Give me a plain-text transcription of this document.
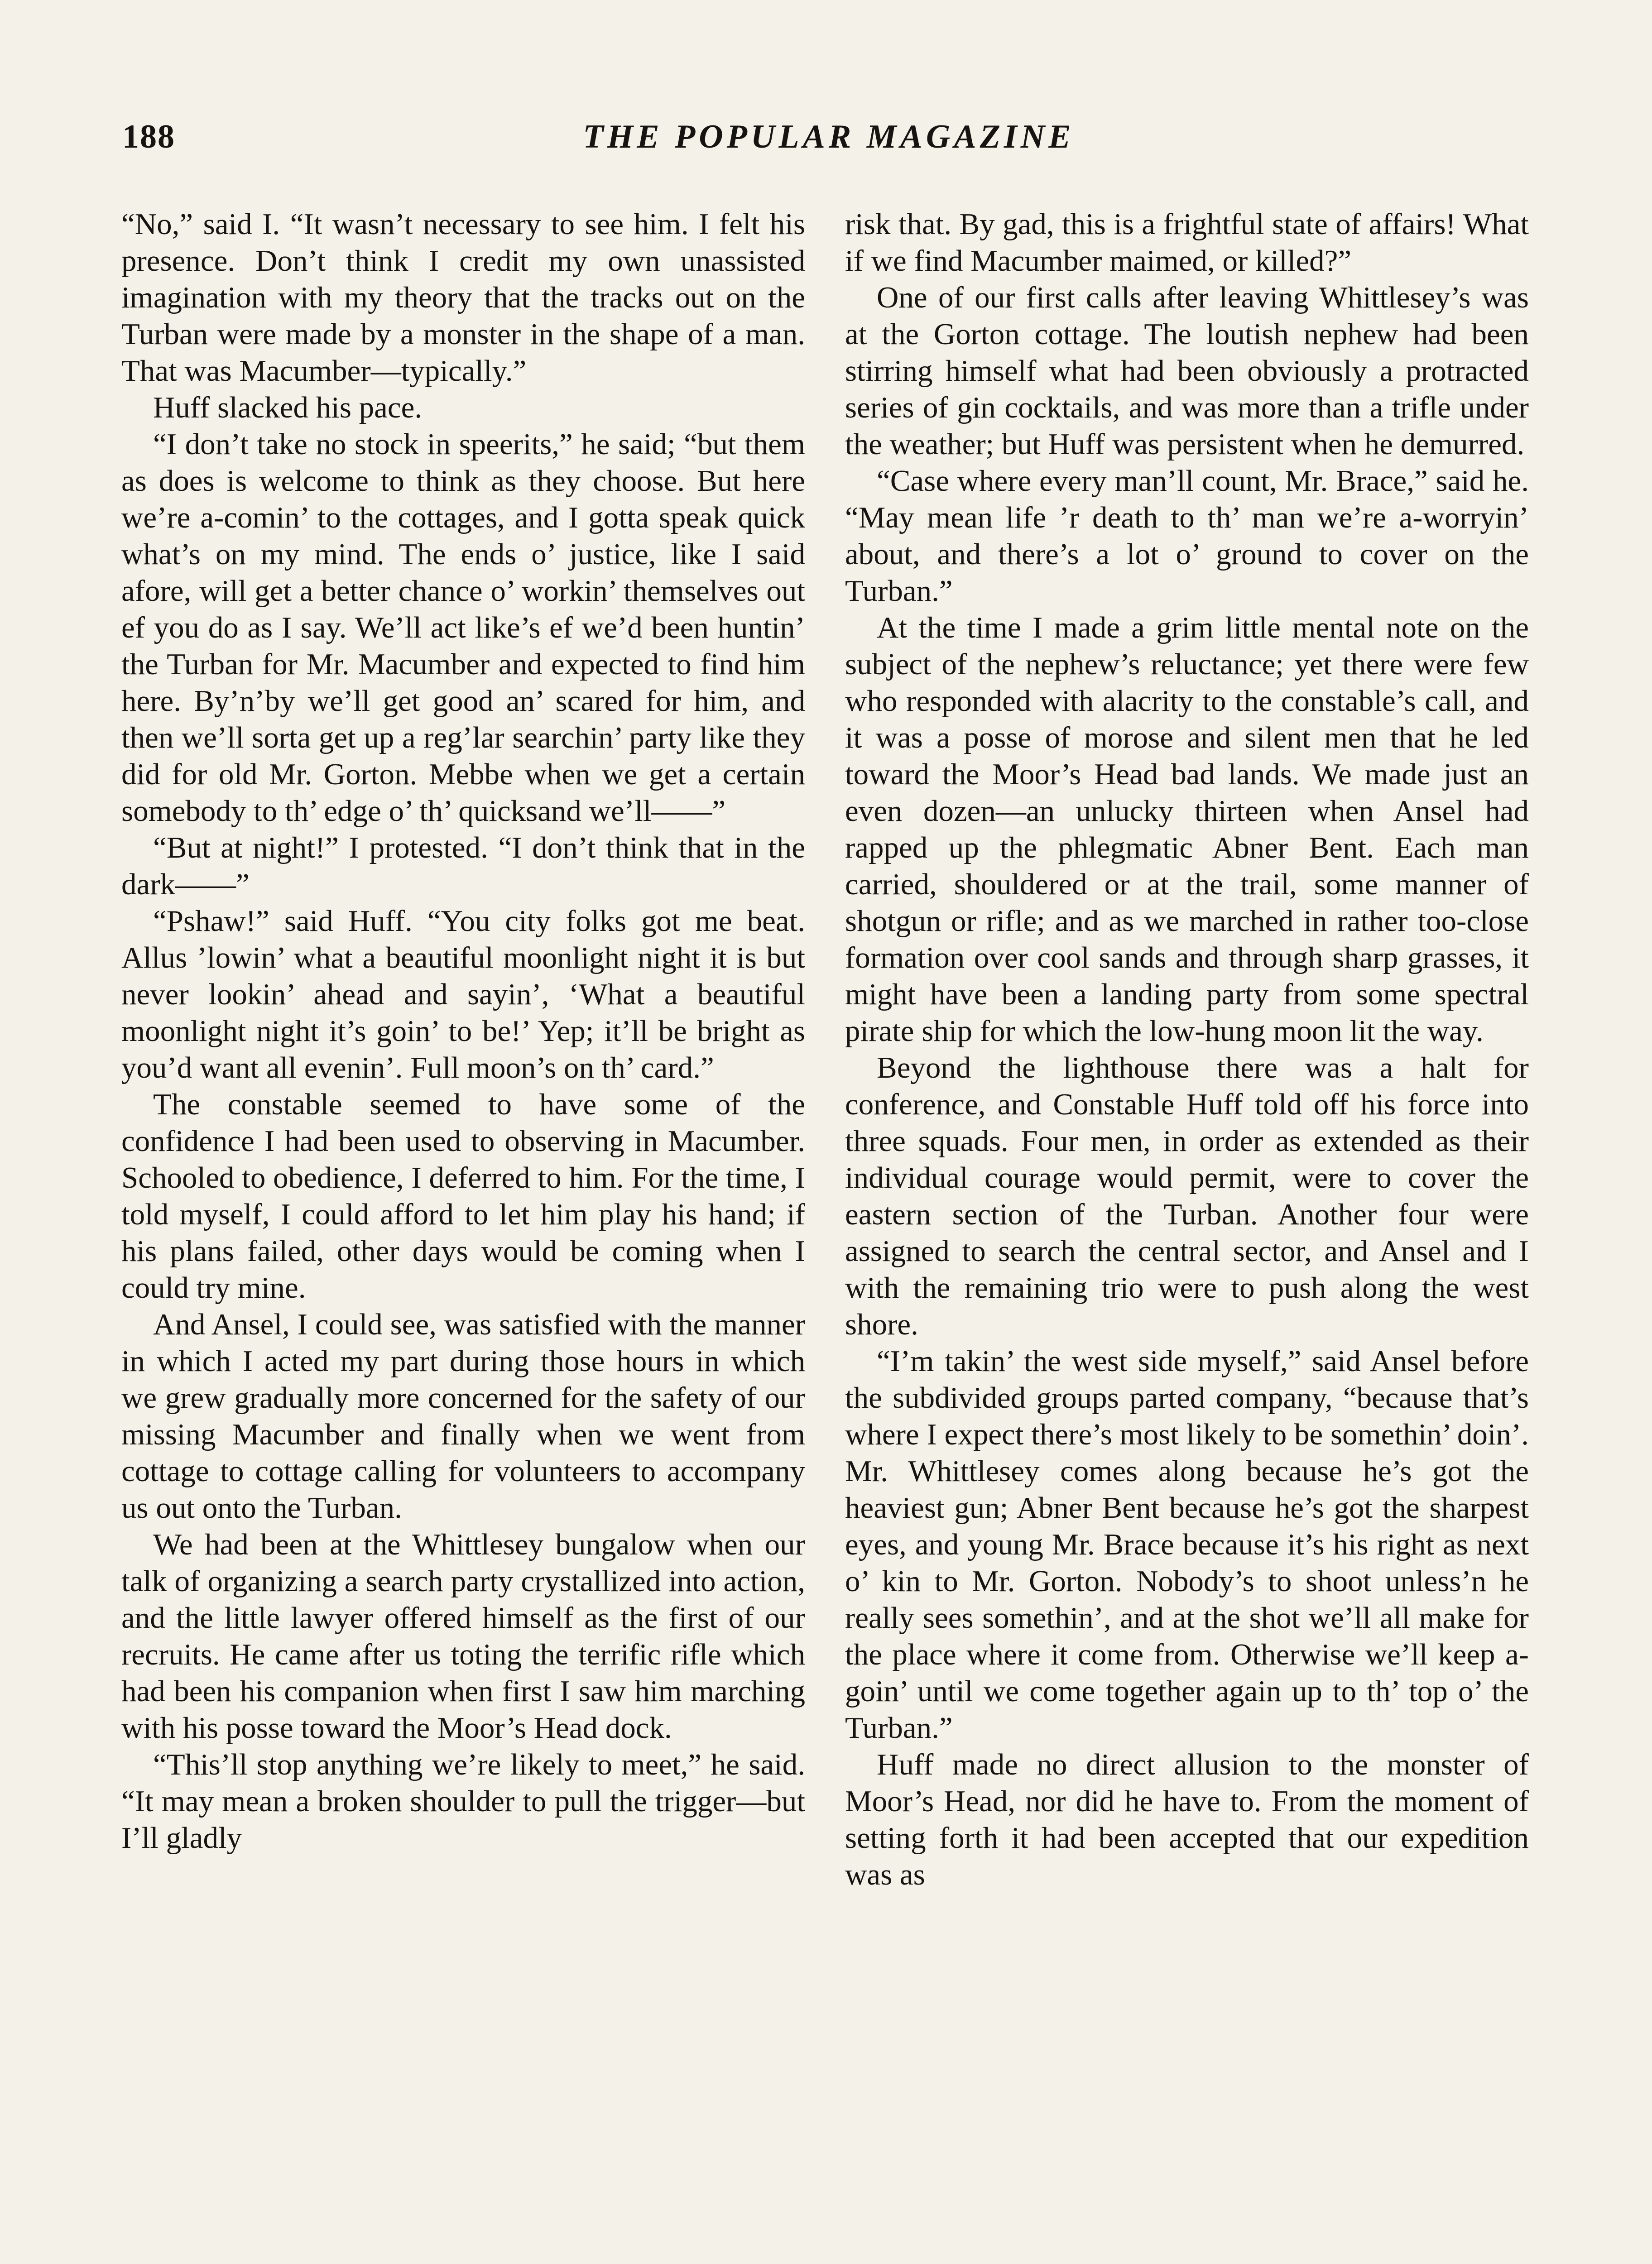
188	THE POPULAR MAGAZINE

“No,” said I. “It wasn’t necessary to see him. I felt his presence. Don’t think I credit my own unassisted imagination with my theory that the tracks out on the Turban were made by a monster in the shape of a man. That was Macumber—typically.”

Huff slacked his pace.

“I don’t take no stock in speerits,” he said; “but them as does is welcome to think as they choose. But here we’re a-comin’ to the cottages, and I gotta speak quick what’s on my mind. The ends o’ justice, like I said afore, will get a better chance o’ workin’ themselves out ef you do as I say. We’ll act like’s ef we’d been huntin’ the Turban for Mr. Macumber and expected to find him here. By’n’by we’ll get good an’ scared for him, and then we’ll sorta get up a reg’lar searchin’ party like they did for old Mr. Gorton. Mebbe when we get a certain somebody to th’ edge o’ th’ quicksand we’ll——”

“But at night!” I protested. “I don’t think that in the dark——”

“Pshaw!” said Huff. “You city folks got me beat. Allus ’lowin’ what a beautiful moonlight night it is but never lookin’ ahead and sayin’, ‘What a beautiful moonlight night it’s goin’ to be!’ Yep; it’ll be bright as you’d want all evenin’. Full moon’s on th’ card.”

The constable seemed to have some of the confidence I had been used to observing in Macumber. Schooled to obedience, I deferred to him. For the time, I told myself, I could afford to let him play his hand; if his plans failed, other days would be coming when I could try mine.

And Ansel, I could see, was satisfied with the manner in which I acted my part during those hours in which we grew gradually more concerned for the safety of our missing Macumber and finally when we went from cottage to cottage calling for volunteers to accompany us out onto the Turban.

We had been at the Whittlesey bungalow when our talk of organizing a search party crystallized into action, and the little lawyer offered himself as the first of our recruits. He came after us toting the terrific rifle which had been his companion when first I saw him marching with his posse toward the Moor’s Head dock.

“This’ll stop anything we’re likely to meet,” he said. “It may mean a broken shoulder to pull the trigger—but I’ll gladly

risk that. By gad, this is a frightful state of affairs! What if we find Macumber maimed, or killed?”

One of our first calls after leaving Whittlesey’s was at the Gorton cottage. The loutish nephew had been stirring himself what had been obviously a protracted series of gin cocktails, and was more than a trifle under the weather; but Huff was persistent when he demurred.

“Case where every man’ll count, Mr. Brace,” said he. “May mean life ’r death to th’ man we’re a-worryin’ about, and there’s a lot o’ ground to cover on the Turban.”

At the time I made a grim little mental note on the subject of the nephew’s reluctance; yet there were few who responded with alacrity to the constable’s call, and it was a posse of morose and silent men that he led toward the Moor’s Head bad lands. We made just an even dozen—an unlucky thirteen when Ansel had rapped up the phlegmatic Abner Bent. Each man carried, shouldered or at the trail, some manner of shotgun or rifle; and as we marched in rather too-close formation over cool sands and through sharp grasses, it might have been a landing party from some spectral pirate ship for which the low-hung moon lit the way.

Beyond the lighthouse there was a halt for conference, and Constable Huff told off his force into three squads. Four men, in order as extended as their individual courage would permit, were to cover the eastern section of the Turban. Another four were assigned to search the central sector, and Ansel and I with the remaining trio were to push along the west shore.

“I’m takin’ the west side myself,” said Ansel before the subdivided groups parted company, “because that’s where I expect there’s most likely to be somethin’ doin’. Mr. Whittlesey comes along because he’s got the heaviest gun; Abner Bent because he’s got the sharpest eyes, and young Mr. Brace because it’s his right as next o’ kin to Mr. Gorton. Nobody’s to shoot unless’n he really sees somethin’, and at the shot we’ll all make for the place where it come from. Otherwise we’ll keep a-goin’ until we come together again up to th’ top o’ the Turban.”

Huff made no direct allusion to the monster of Moor’s Head, nor did he have to. From the moment of setting forth it had been accepted that our expedition was as
